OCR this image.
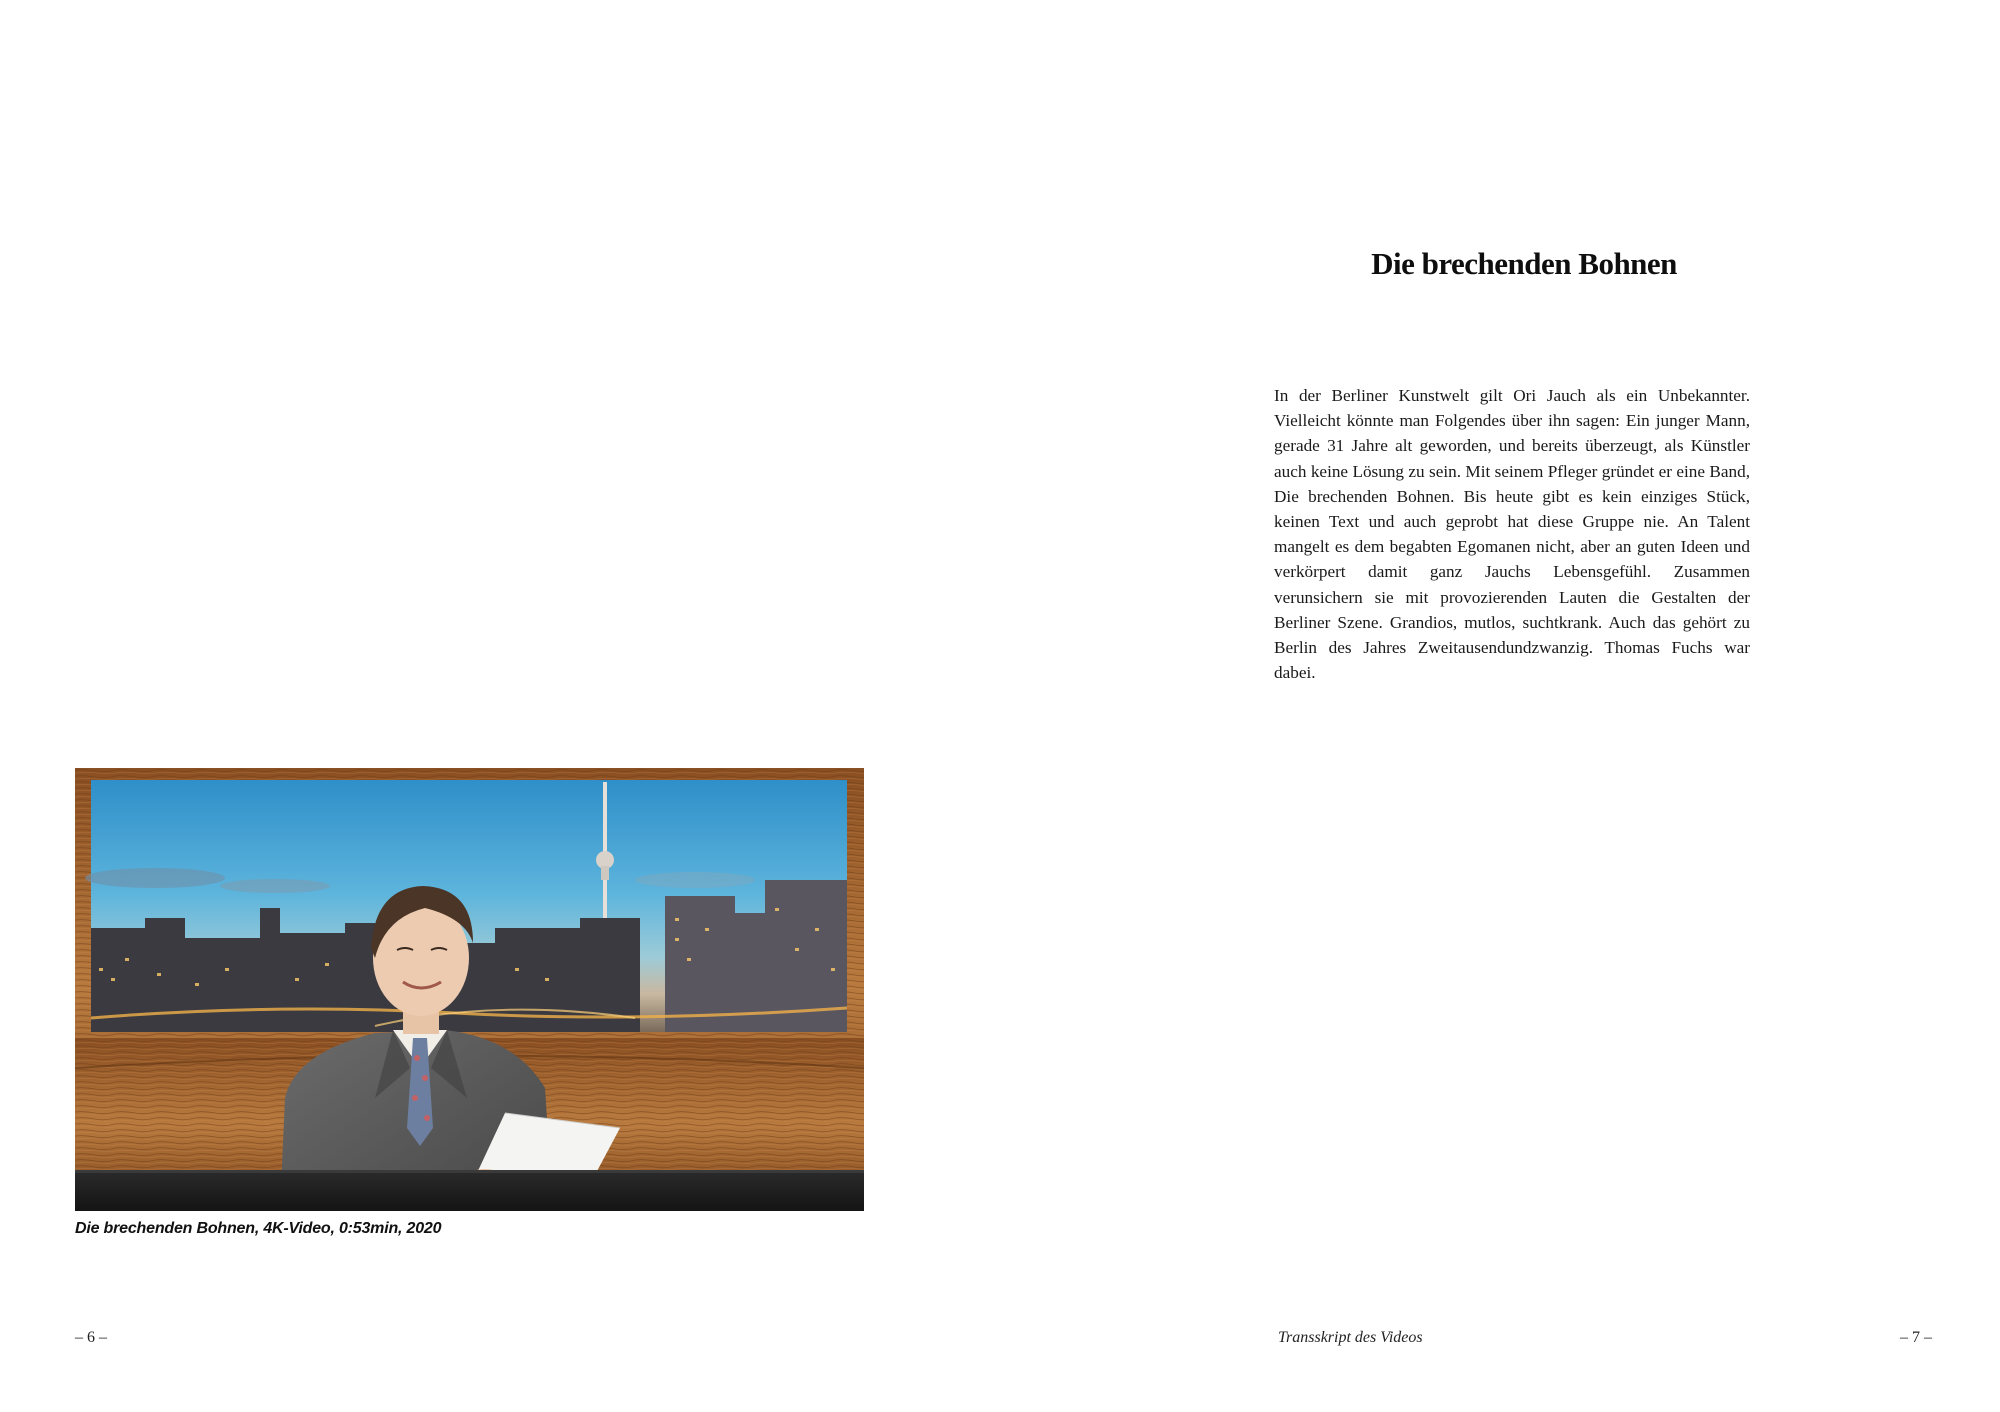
Die brechenden Bohnen, 4K-Video, 0:53min, 2020
– 6 –
Die brechenden Bohnen

In der Berliner Kunstwelt gilt Ori Jauch als ein Unbekannter. Vielleicht könnte man Folgendes über ihn sagen: Ein junger Mann, gerade 31 Jahre alt geworden, und bereits überzeugt, als Künstler auch keine Lösung zu sein. Mit seinem Pfleger gründet er eine Band, Die brechenden Bohnen. Bis heute gibt es kein einziges Stück, keinen Text und auch geprobt hat diese Gruppe nie. An Talent mangelt es dem begabten Egomanen nicht, aber an guten Ideen und verkörpert damit ganz Jauchs Lebensgefühl. Zusammen verunsichern sie mit provozierenden Lauten die Gestalten der Berliner Szene. Grandios, mutlos, suchtkrank. Auch das gehört zu Berlin des Jahres Zweitausendundzwanzig. Thomas Fuchs war dabei.

Transskript des Videos	– 7 –
